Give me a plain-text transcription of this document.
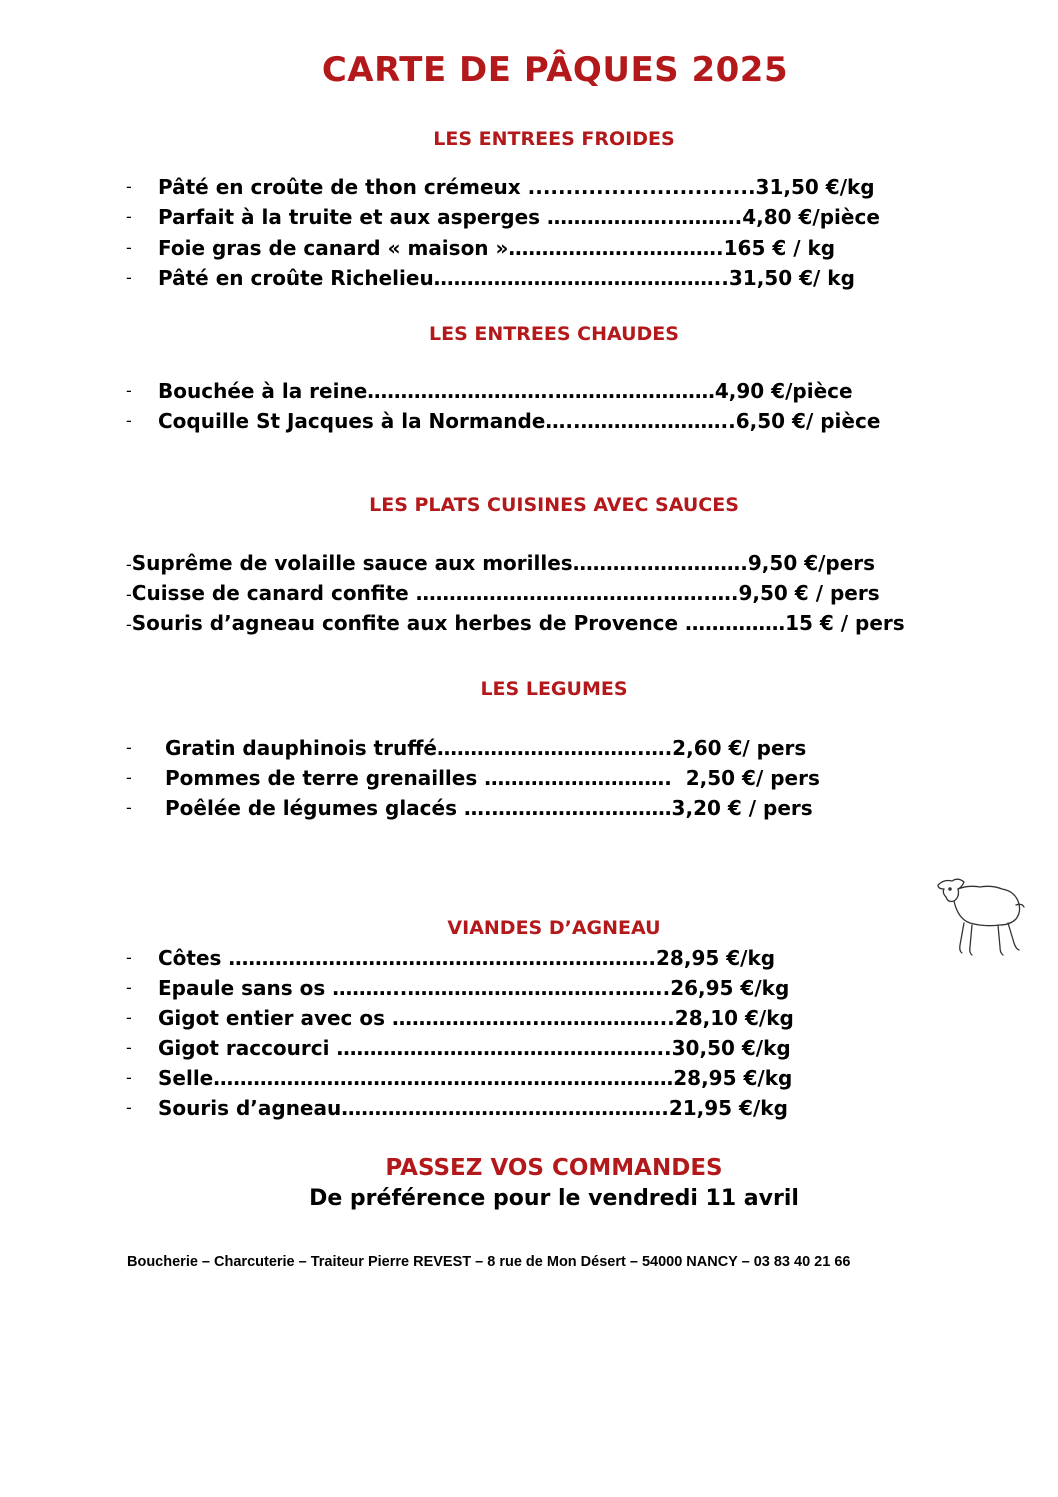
CARTE DE PÂQUES 2025
LES ENTREES FROIDES
- Pâté en croûte de thon crémeux ..............................31,50 €/kg
- Parfait à la truite et aux asperges ……………….……….4,80 €/pièce
- Foie gras de canard « maison »……………….………….165 € / kg
- Pâté en croûte Richelieu……………………………………..31,50 €/ kg
LES ENTREES CHAUDES
- Bouchée à la reine……………………….……………………4,90 €/pièce
- Coquille St Jacques à la Normande…..…………………..6,50 €/ pièce
LES PLATS CUISINES AVEC SAUCES
-Suprême de volaille sauce aux morilles……….…………….9,50 €/pers
-Cuisse de canard confite ……………………………….…….….9,50 € / pers
-Souris d’agneau confite aux herbes de Provence ……………15 € / pers
LES LEGUMES
- Gratin dauphinois truffé………………………….….2,60 €/ pers
- Pommes de terre grenailles ……………………….  2,50 €/ pers
- Poêlée de légumes glacés ….………………………3,20 € / pers
VIANDES D’AGNEAU
- Côtes ……………………………………………………….28,95 €/kg
- Epaule sans os ………..………………………….……..26,95 €/kg
- Gigot entier avec os ………………….………………..28,10 €/kg
- Gigot raccourci …………………………………………..30,50 €/kg
- Selle……………………………………………………………28,95 €/kg
- Souris d’agneau………………………………………….21,95 €/kg
PASSEZ VOS COMMANDES
De préférence pour le vendredi 11 avril
Boucherie – Charcuterie – Traiteur Pierre REVEST – 8 rue de Mon Désert – 54000 NANCY – 03 83 40 21 66
